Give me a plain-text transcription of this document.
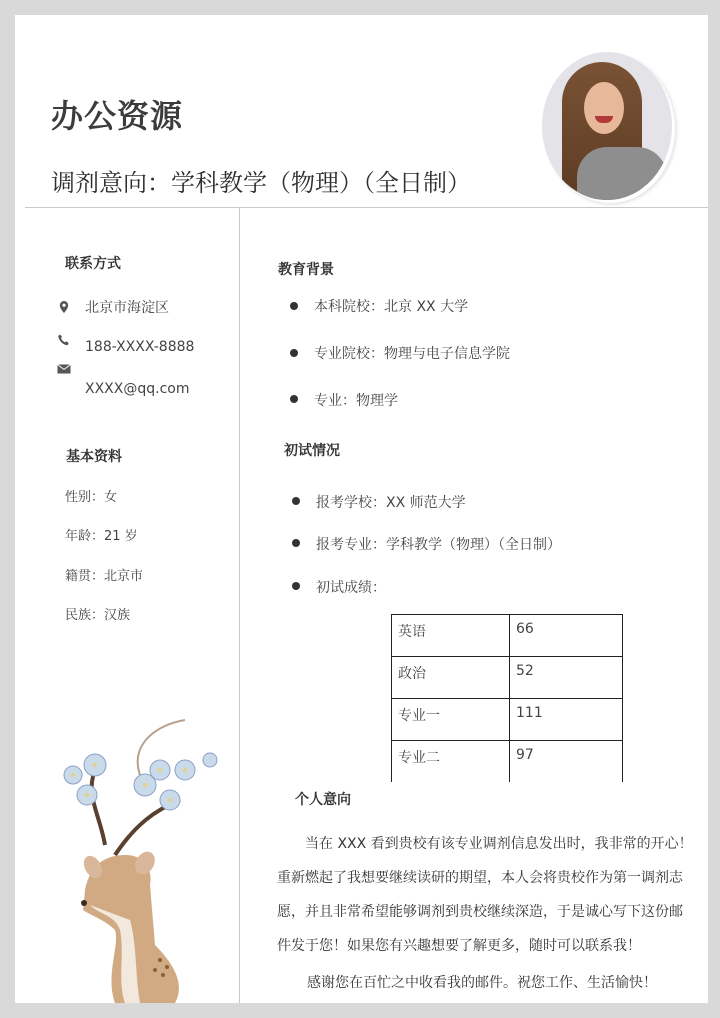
办公资源
调剂意向：学科教学（物理）（全日制）
联系方式
北京市海淀区
188-XXXX-8888
XXXX@qq.com
基本资料
性别：女
年龄：21 岁
籍贯：北京市
民族：汉族
教育背景
本科院校：北京 XX 大学
专业院校：物理与电子信息学院
专业：物理学
初试情况
报考学校：XX 师范大学
报考专业：学科教学（物理）（全日制）
初试成绩：
英语	66
政治	52
专业一	111
专业二	97
个人意向
当在 XXX 看到贵校有该专业调剂信息发出时，我非常的开心！
重新燃起了我想要继续读研的期望，本人会将贵校作为第一调剂志
愿，并且非常希望能够调剂到贵校继续深造，于是诚心写下这份邮
件发于您！如果您有兴趣想要了解更多，随时可以联系我！
感谢您在百忙之中收看我的邮件。祝您工作、生活愉快！
